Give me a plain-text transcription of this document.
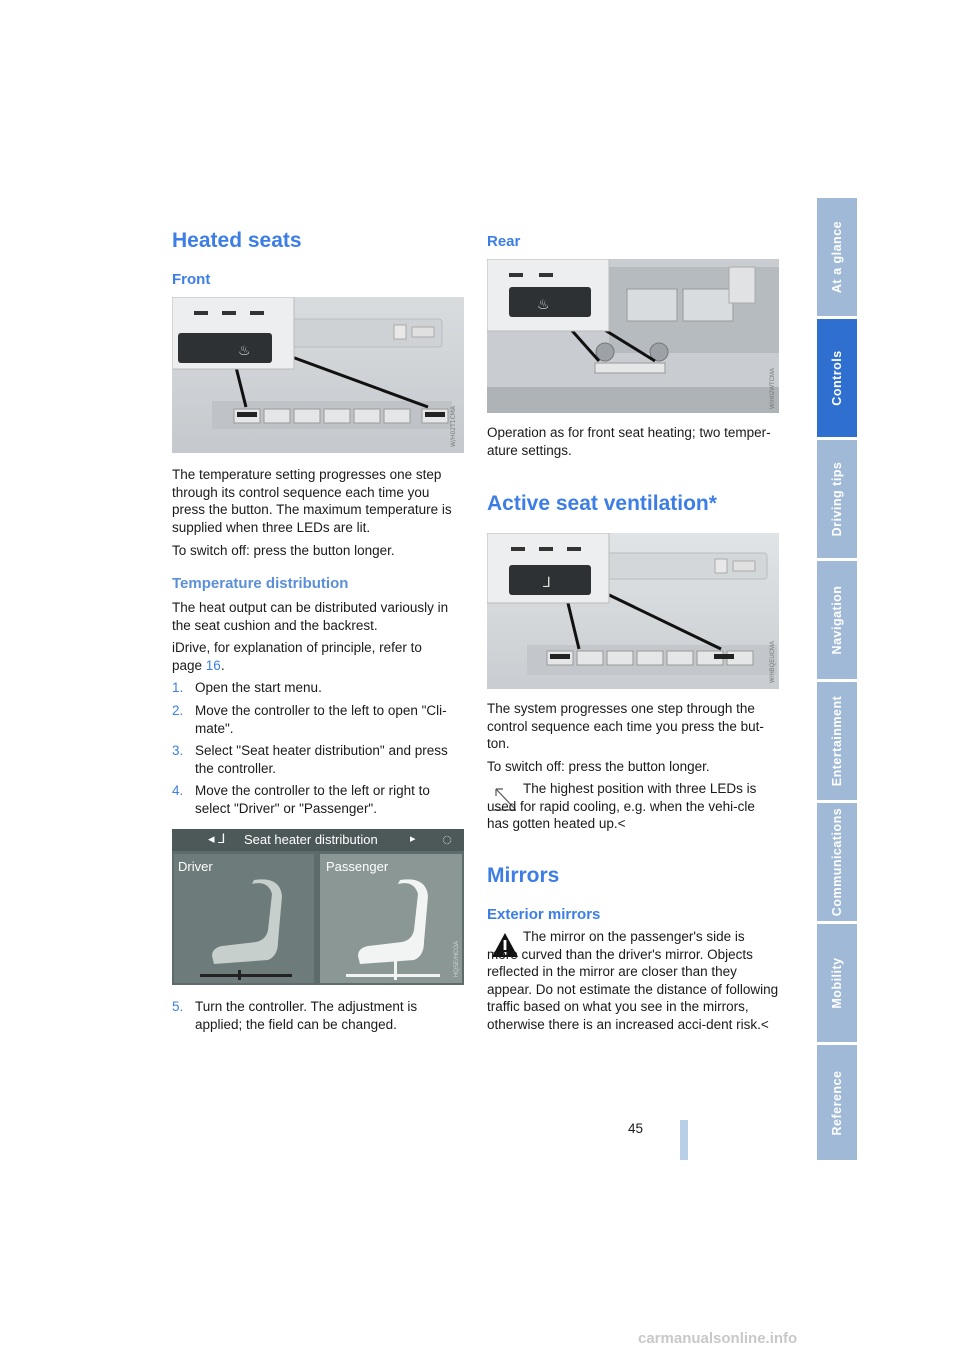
Heated seats
Front
♨
W/H02T1CMA

The temperature setting progresses one step through its control sequence each time you press the button. The maximum temperature is supplied when three LEDs are lit.

To switch off: press the button longer.

Temperature distribution

The heat output can be distributed variously in the seat cushion and the backrest.

iDrive, for explanation of principle, refer to page 16.

1. Open the start menu.
2. Move the controller to the left to open "Cli-mate".
3. Select "Seat heater distribution" and press the controller.
4. Move the controller to the left or right to select "Driver" or "Passenger".
◂ ⅃ Seat heater distribution	▸ ◌
Driver	Passenger
HQSE/HCOA
5. Turn the controller. The adjustment is applied; the field can be changed.
Rear
♨
W/H02WTCMA

Operation as for front seat heating; two temper-ature settings.

Active seat ventilation*
⅃
W/HBQEUCMA

The system progresses one step through the control sequence each time you press the but-ton.

To switch off: press the button longer.

The highest position with three LEDs is used for rapid cooling, e.g. when the vehi-cle has gotten heated up.<

Mirrors
Exterior mirrors

The mirror on the passenger's side is more curved than the driver's mirror. Objects reflected in the mirror are closer than they appear. Do not estimate the distance of following traffic based on what you see in the mirrors, otherwise there is an increased acci-dent risk.<

At a glance
Controls
Driving tips
Navigation
Entertainment
Communications
Mobility
Reference
45
carmanualsonline.info
